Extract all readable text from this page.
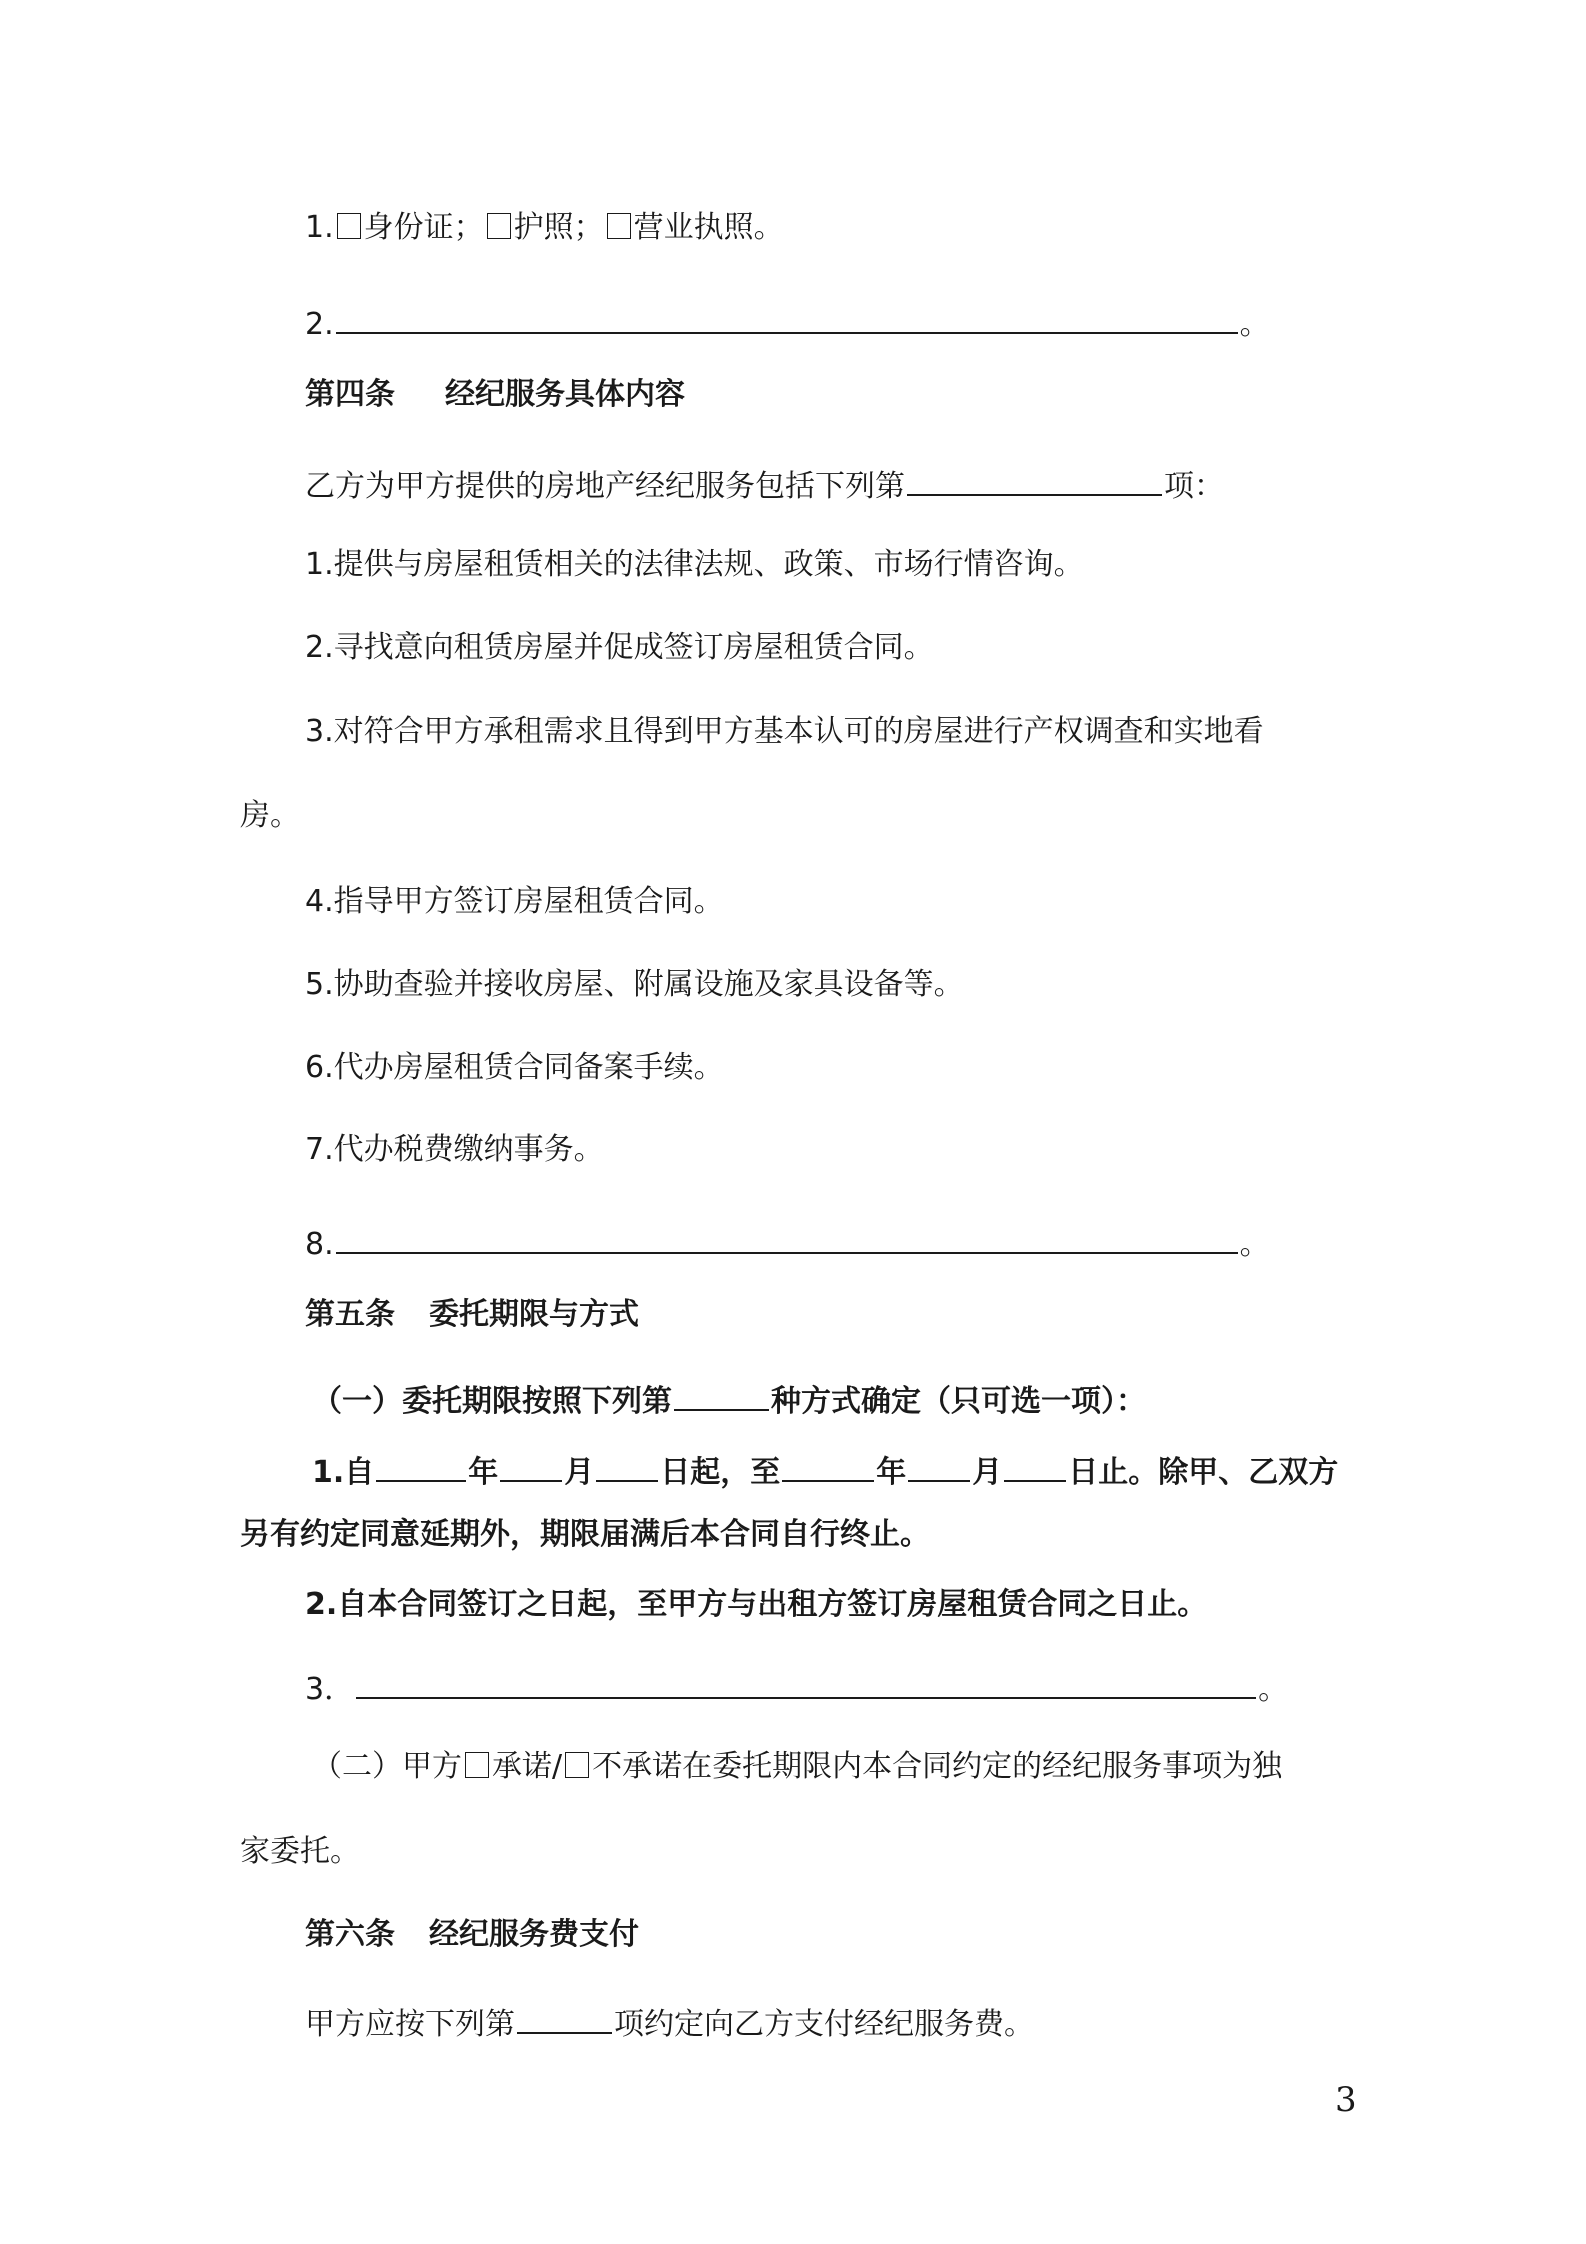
1. 身份证； 护照； 营业执照。
2.	。
第四条 经纪服务具体内容
乙方为甲方提供的房地产经纪服务包括下列第	项：
1.提供与房屋租赁相关的法律法规、政策、市场行情咨询。
2.寻找意向租赁房屋并促成签订房屋租赁合同。
3.对符合甲方承租需求且得到甲方基本认可的房屋进行产权调查和实地看
房。
4.指导甲方签订房屋租赁合同。
5.协助查验并接收房屋、附属设施及家具设备等。
6.代办房屋租赁合同备案手续。
7.代办税费缴纳事务。
8.	。
第五条 委托期限与方式
（一）委托期限按照下列第	种方式确定（只可选一项）：
1.自	年 月 日起，至	年 月 日止。除甲、乙双方
另有约定同意延期外，期限届满后本合同自行终止。
2.自本合同签订之日起，至甲方与出租方签订房屋租赁合同之日止。
3．	。
（二）甲方 承诺/ 不承诺在委托期限内本合同约定的经纪服务事项为独
家委托。
第六条 经纪服务费支付
甲方应按下列第	项约定向乙方支付经纪服务费。
3
